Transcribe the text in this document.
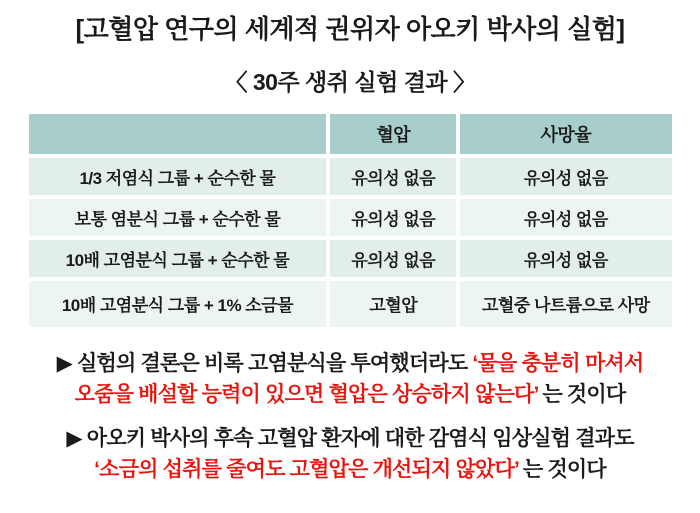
[고혈압 연구의 세계적 권위자 아오키 박사의 실험]
〈 30주 생쥐 실험 결과 〉
	혈압	사망율
1/3 저염식 그룹 + 순수한 물	유의성 없음	유의성 없음
보통 염분식 그룹 + 순수한 물	유의성 없음	유의성 없음
10배 고염분식 그룹 + 순수한 물	유의성 없음	유의성 없음
10배 고염분식 그룹 + 1% 소금물	고혈압	고혈중 나트륨으로 사망

▶ 실험의 결론은 비록 고염분식을 투여했더라도 ‘물을 충분히 마셔서
오줌을 배설할 능력이 있으면 혈압은 상승하지 않는다’ 는 것이다

▶ 아오키 박사의 후속 고혈압 환자에 대한 감염식 임상실험 결과도
‘소금의 섭취를 줄여도 고혈압은 개선되지 않았다’ 는 것이다
